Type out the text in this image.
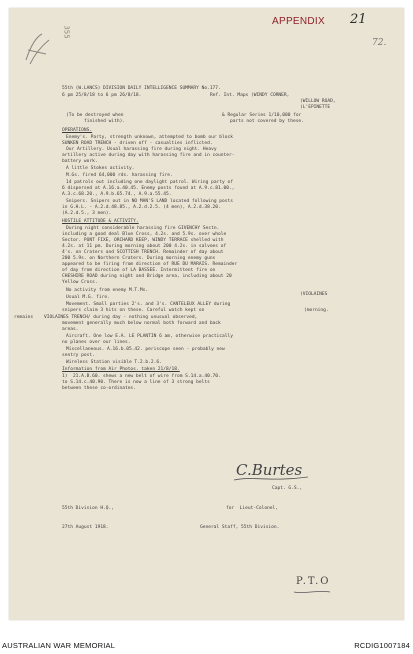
APPENDIX 21
72.
355
55th (W.LANCS) DIVISION DAILY INTELLIGENCE SUMMARY No.177.
6 pm 25/8/18 to 6 pm 26/8/18.	Ref. Int. Maps (WINDY CORNER,
(WILLOW ROAD,
(L'EPINETTE
(To be destroyed when
finished with).
& Regular Series 1/10,000 for
parts not covered by these.
OPERATIONS.
Enemy's. Party, strength unknown, attempted to bomb our block
SUNKEN ROAD TRENCH - driven off - casualties inflicted.
Our Artillery. Usual harassing fire during night. Heavy
artillery active during day with harassing fire and in counter-
battery work.
A little Stokes activity.
M.Gs. fired 64,000 rds. harassing fire.
14 patrols out including one daylight patrol. Wiring party of
6 dispersed at A.16.a.40.45. Enemy posts found at A.9.c.81.00.,
A.3.c.68.20., A.9.b.65.74., A.9.a.55.45.
Snipers. Snipers out in NO MAN'S LAND located following posts
in G.H.L. - A.2.d.48.85., A.2.d.2.5. (4 men), A.2.d.38.20.
(A.2.d.5., 3 men).
HOSTILE ATTITUDE & ACTIVITY.
During night considerable harassing fire GIVENCHY Sectn.
including a good deal Blue Cross, 4.2s. and 5.9s. over whole
Sector. PONT FIXE, ORCHARD KEEP, WINDY TERRACE shelled with
4.2s. at 11 pm. During morning about 200 4.2s. in salvoes of
4's. on Craters and SCOTTISH TRENCH. Remainder of day about
200 5.9s. on Northern Craters. During morning enemy guns
appeared to be firing from direction of RUE DU MARAIS. Remainder
of day from direction of LA BASSEE. Intermittent fire on
CHESHIRE ROAD during night and Bridge area, including about 20
Yellow Cross.
No activity from enemy M.T.Ms.
Usual M.G. fire.
(VIOLAINES
Movement. Small parties 2's. and 3's. CANTELEUX ALLEY during
snipers claim 3 hits on these. Careful watch kept on	(morning.
remains VIOLAINES TRENCH/ during day - nothing unusual observed,
movement generally much below normal both forward and back
areas.
Aircraft. One low E.A. LE PLANTIN 6 am, otherwise practically
no planes over our lines.
Miscellaneous. A.16.b.05.42. periscope seen - probably new
sentry post.
Wireless Station visible T.2.b.2.6.
Information from Air Photos. taken 21/8/18.
1)  21.A.B.60. shews a new belt of wire from S.14.a.40.70.
to S.14.c.40.90. There is now a line of 3 strong belts
between these co-ordinates.
C.Burtes
Capt. G.S.,
55th Division H.Q.,	for  Lieut-Colonel,
27th August 1918.	General Staff, 55th Division.
P.T.O
AUSTRALIAN WAR MEMORIAL	RCDIG1007184
